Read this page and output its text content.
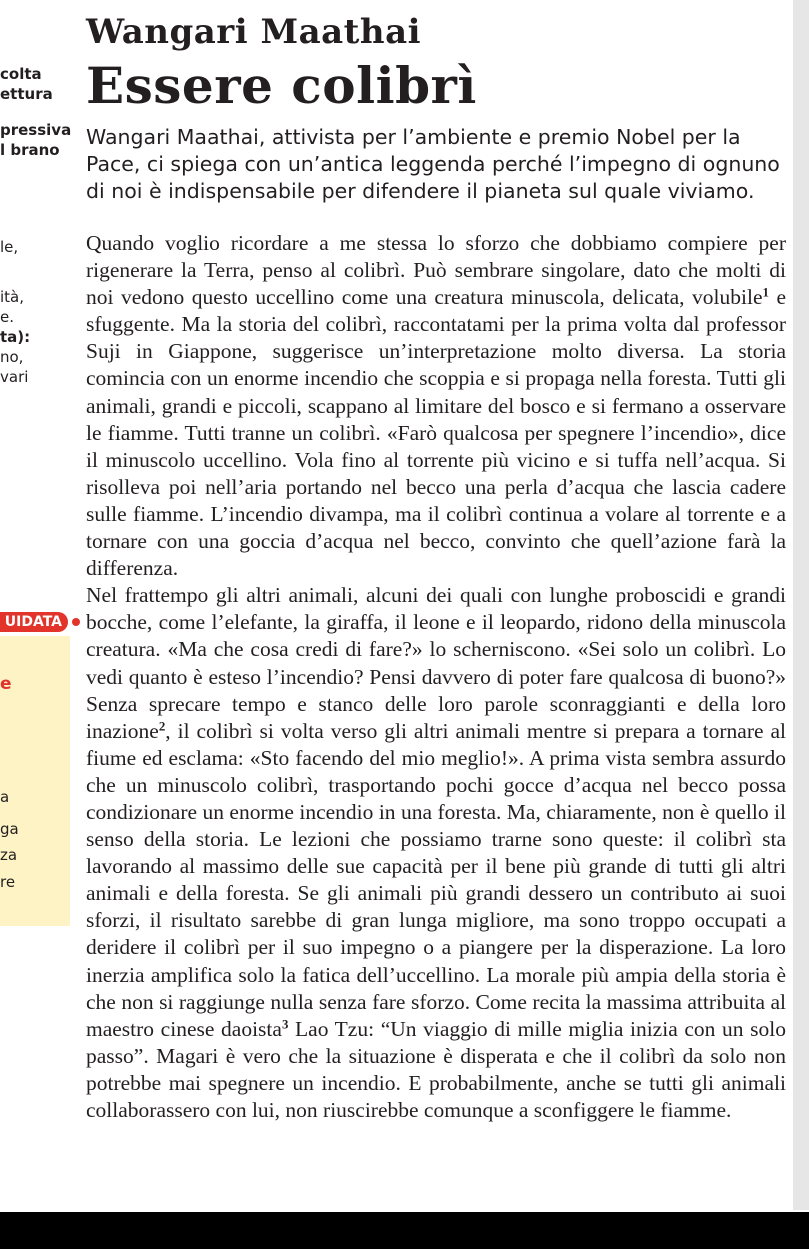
colta
ettura
pressiva
l brano
le,
ità,
e.
ta):
no,
vari
UIDATA
e
a
ga
za
re
Wangari Maathai
Essere colibrì

Wangari Maathai, attivista per l’ambiente e premio Nobel per la Pace, ci spiega con un’antica leggenda perché l’impegno di ognuno di noi è indispensabile per difendere il pianeta sul quale viviamo.

Quando voglio ricordare a me stessa lo sforzo che dobbiamo compiere per rigenerare la Terra, penso al colibrì. Può sembrare singolare, dato che molti di noi vedono questo uccellino come una creatura minuscola, delicata, volubile$^1$ e sfuggente. Ma la storia del colibrì, raccontatami per la prima volta dal professor Suji in Giappone, suggerisce un’interpretazione molto diversa. La storia comincia con un enorme incendio che scoppia e si propaga nella foresta. Tutti gli animali, grandi e piccoli, scappano al limitare del bosco e si fermano a osservare le fiamme. Tutti tranne un colibrì. «Farò qualcosa per spegnere l’incendio», dice il minuscolo uccellino. Vola fino al torrente più vicino e si tuffa nell’acqua. Si risolleva poi nell’aria portando nel becco una perla d’acqua che lascia cadere sulle fiamme. L’incendio divampa, ma il colibrì continua a volare al torrente e a tornare con una goccia d’acqua nel becco, convinto che quell’azione farà la differenza.

Nel frattempo gli altri animali, alcuni dei quali con lunghe proboscidi e grandi bocche, come l’elefante, la giraffa, il leone e il leopardo, ridono della minuscola creatura. «Ma che cosa credi di fare?» lo scherniscono. «Sei solo un colibrì. Lo vedi quanto è esteso l’incendio? Pensi davvero di poter fare qualcosa di buono?» Senza sprecare tempo e stanco delle loro parole sconraggianti e della loro inazione$^2$, il colibrì si volta verso gli altri animali mentre si prepara a tornare al fiume ed esclama: «Sto facendo del mio meglio!». A prima vista sembra assurdo che un minuscolo colibrì, trasportando pochi gocce d’acqua nel becco possa condizionare un enorme incendio in una foresta. Ma, chiaramente, non è quello il senso della storia. Le lezioni che possiamo trarne sono queste: il colibrì sta lavorando al massimo delle sue capacità per il bene più grande di tutti gli altri animali e della foresta. Se gli animali più grandi dessero un contributo ai suoi sforzi, il risultato sarebbe di gran lunga migliore, ma sono troppo occupati a deridere il colibrì per il suo impegno o a piangere per la disperazione. La loro inerzia amplifica solo la fatica dell’uccellino. La morale più ampia della storia è che non si raggiunge nulla senza fare sforzo. Come recita la massima attribuita al maestro cinese daoista$^3$ Lao Tzu: “Un viaggio di mille miglia inizia con un solo passo”. Magari è vero che la situazione è disperata e che il colibrì da solo non potrebbe mai spegnere un incendio. E probabilmente, anche se tutti gli animali collaborassero con lui, non riuscirebbe comunque a sconfiggere le fiamme.
